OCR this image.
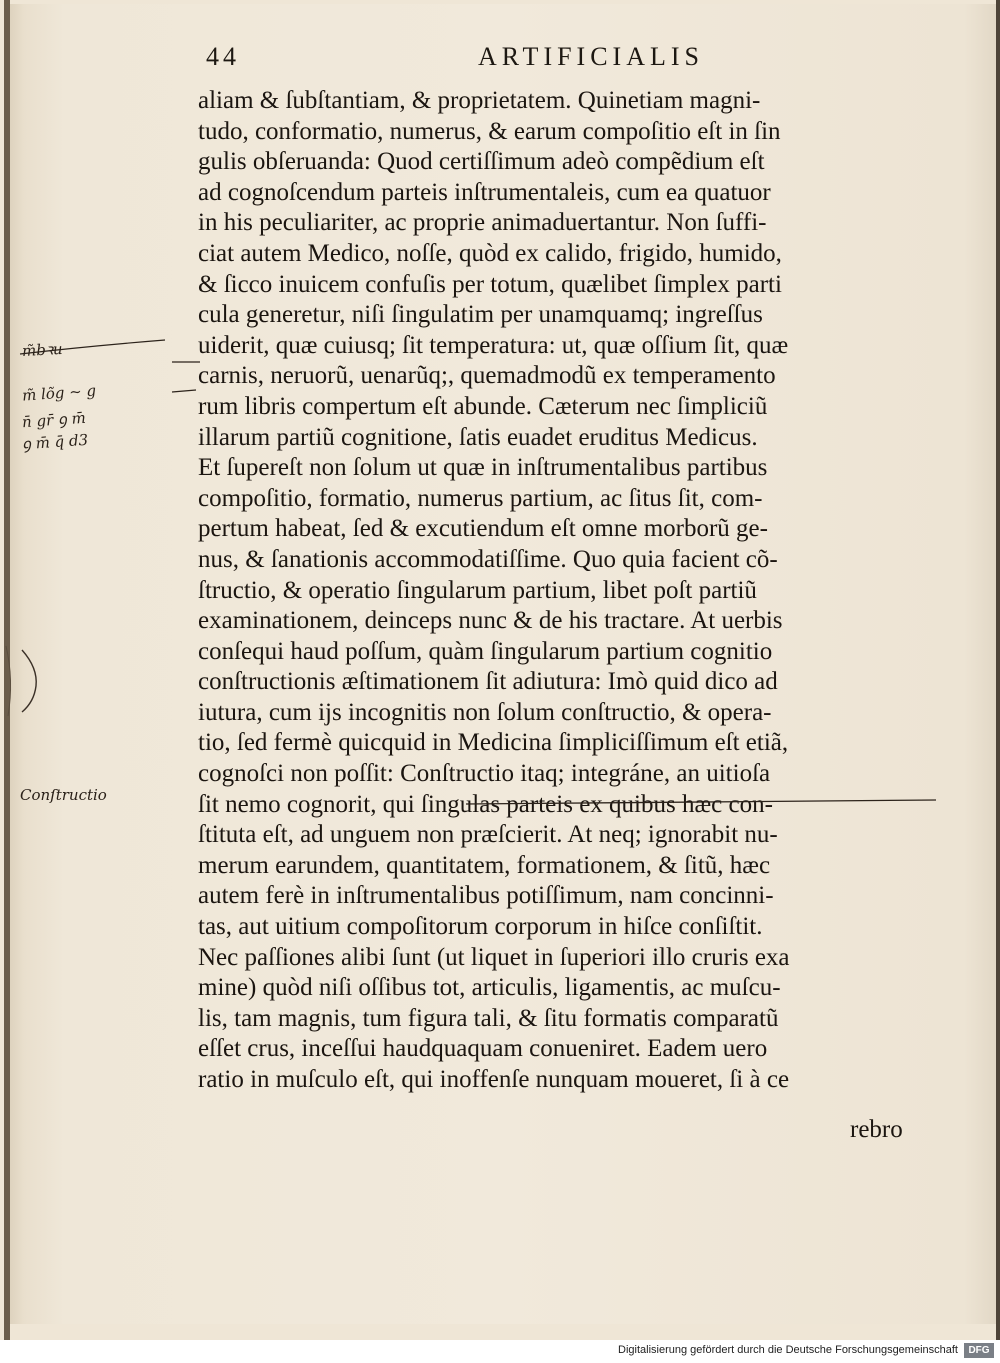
44	ARTIFICIALIS
aliam & ſubſtantiam, & proprietatem. Quinetiam magni-
tudo, conformatio, numerus, & earum compoſitio eſt in ſin
gulis obſeruanda: Quod certiſſimum adeò compẽdium eſt
ad cognoſcendum parteis inſtrumentaleis, cum ea quatuor
in his peculiariter, ac proprie animaduertantur. Non ſuffi-
ciat autem Medico, noſſe, quòd ex calido, frigido, humido,
& ſicco inuicem confuſis per totum, quælibet ſimplex parti
cula generetur, niſi ſingulatim per unamquamq; ingreſſus
uiderit, quæ cuiusq; ſit temperatura: ut, quæ oſſium ſit, quæ
carnis, neruorũ, uenarũq;, quemadmodũ ex temperamento
rum libris compertum eſt abunde. Cæterum nec ſimpliciũ
illarum partiũ cognitione, ſatis euadet eruditus Medicus.
Et ſupereſt non ſolum ut quæ in inſtrumentalibus partibus
compoſitio, formatio, numerus partium, ac ſitus ſit, com-
pertum habeat, ſed & excutiendum eſt omne morborũ ge-
nus, & ſanationis accommodatiſſime. Quo quia facient cõ-
ſtructio, & operatio ſingularum partium, libet poſt partiũ
examinationem, deinceps nunc & de his tractare. At uerbis
conſequi haud poſſum, quàm ſingularum partium cognitio
conſtructionis æſtimationem ſit adiutura: Imò quid dico ad
iutura, cum ijs incognitis non ſolum conſtructio, & opera-
tio, ſed fermè quicquid in Medicina ſimpliciſſimum eſt etiã,
cognoſci non poſſit: Conſtructio itaq; integráne, an uitioſa
ſit nemo cognorit, qui ſingulas parteis ex quibus hæc con-
ſtituta eſt, ad unguem non præſcierit. At neq; ignorabit nu-
merum earundem, quantitatem, formationem, & ſitũ, hæc
autem ferè in inſtrumentalibus potiſſimum, nam concinni-
tas, aut uitium compoſitorum corporum in hiſce conſiſtit.
Nec paſſiones alibi ſunt (ut liquet in ſuperiori illo cruris exa
mine) quòd niſi oſſibus tot, articulis, ligamentis, ac muſcu-
lis, tam magnis, tum figura tali, & ſitu formatis comparatũ
eſſet crus, inceſſui haudquaquam conueniret. Eadem uero
ratio in muſculo eſt, qui inoffenſe nunquam moueret, ſi à ce
rebro
m̃bꝛu
m̃ lõg ~ g
n̄ gr̄ ꝯ m̄
ꝯ m̄ q̄ d3
Conſtructio
Digitalisierung gefördert durch die Deutsche Forschungsgemeinschaft	DFG
